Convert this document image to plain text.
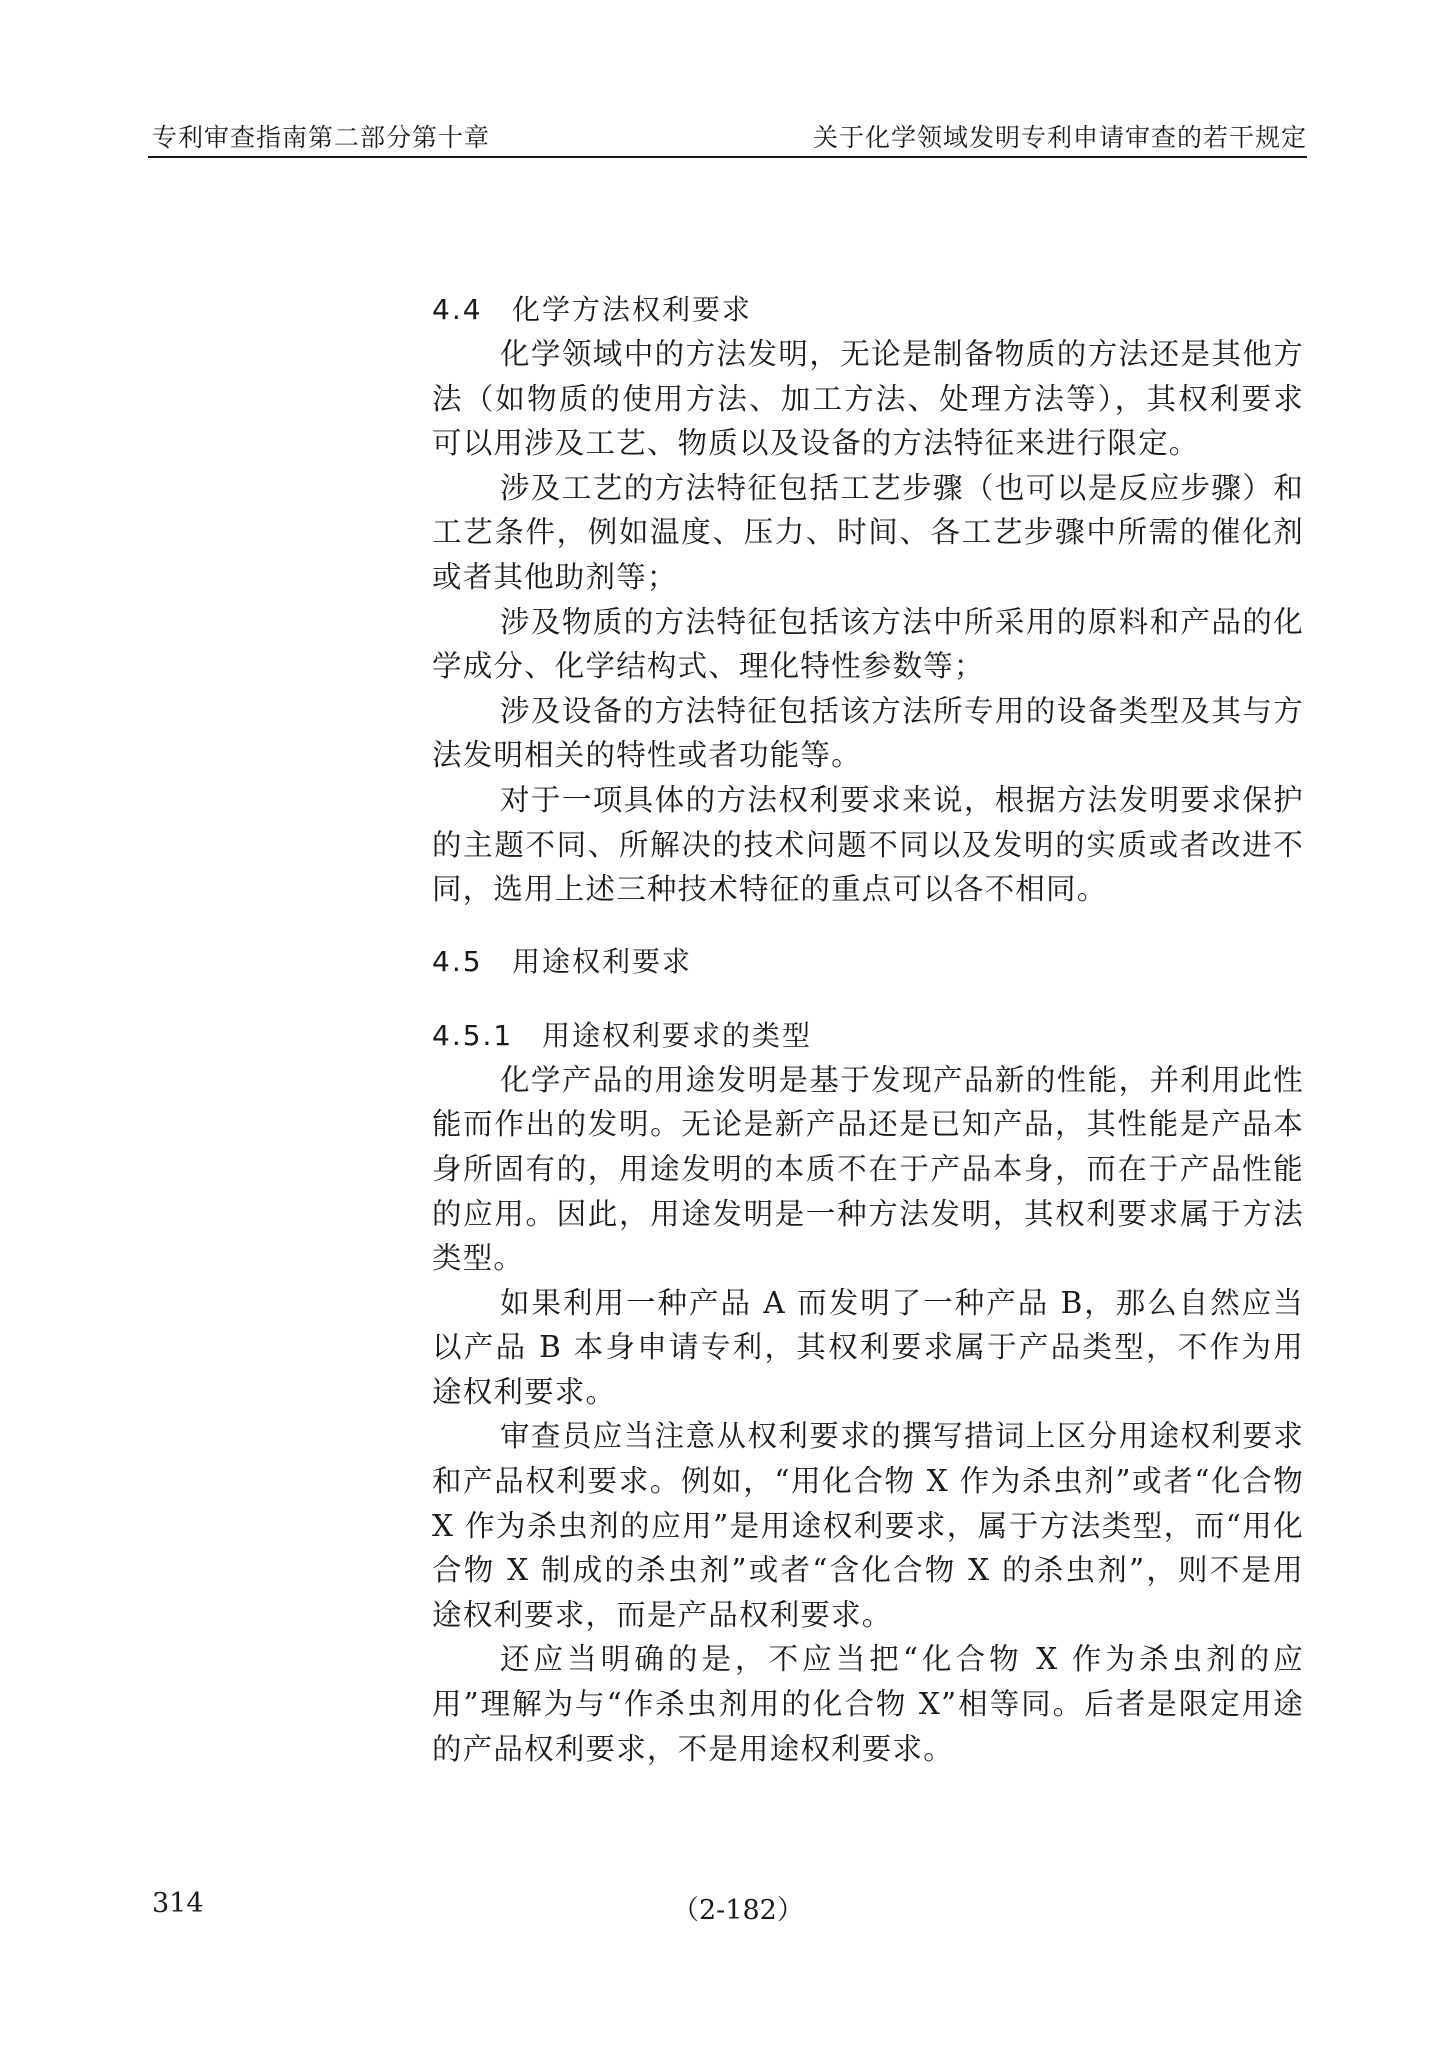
专利审查指南第二部分第十章	关于化学领域发明专利申请审查的若干规定
4.4 化学方法权利要求

化学领域中的方法发明，无论是制备物质的方法还是其他方法（如物质的使用方法、加工方法、处理方法等），其权利要求可以用涉及工艺、物质以及设备的方法特征来进行限定。

涉及工艺的方法特征包括工艺步骤（也可以是反应步骤）和工艺条件，例如温度、压力、时间、各工艺步骤中所需的催化剂或者其他助剂等；

涉及物质的方法特征包括该方法中所采用的原料和产品的化学成分、化学结构式、理化特性参数等；

涉及设备的方法特征包括该方法所专用的设备类型及其与方法发明相关的特性或者功能等。

对于一项具体的方法权利要求来说，根据方法发明要求保护的主题不同、所解决的技术问题不同以及发明的实质或者改进不同，选用上述三种技术特征的重点可以各不相同。

4.5 用途权利要求
4.5.1 用途权利要求的类型

化学产品的用途发明是基于发现产品新的性能，并利用此性能而作出的发明。无论是新产品还是已知产品，其性能是产品本身所固有的，用途发明的本质不在于产品本身，而在于产品性能的应用。因此，用途发明是一种方法发明，其权利要求属于方法类型。

如果利用一种产品 A 而发明了一种产品 B，那么自然应当以产品 B 本身申请专利，其权利要求属于产品类型，不作为用途权利要求。

审查员应当注意从权利要求的撰写措词上区分用途权利要求和产品权利要求。例如，“用化合物 X 作为杀虫剂”或者“化合物 X 作为杀虫剂的应用”是用途权利要求，属于方法类型，而“用化合物 X 制成的杀虫剂”或者“含化合物 X 的杀虫剂”，则不是用途权利要求，而是产品权利要求。

还应当明确的是，不应当把“化合物 X 作为杀虫剂的应用”理解为与“作杀虫剂用的化合物 X”相等同。后者是限定用途的产品权利要求，不是用途权利要求。

314	（2-182）
